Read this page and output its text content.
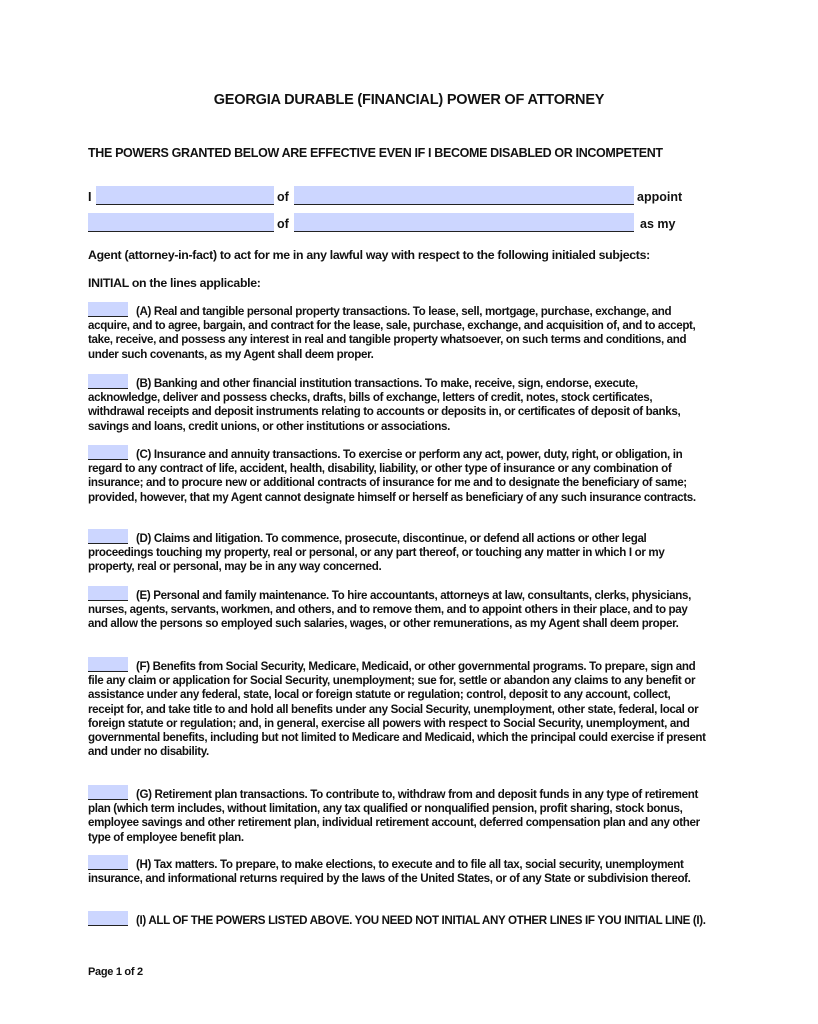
GEORGIA DURABLE (FINANCIAL) POWER OF ATTORNEY
THE POWERS GRANTED BELOW ARE EFFECTIVE EVEN IF I BECOME DISABLED OR INCOMPETENT
I	of	appoint
of	as my
Agent (attorney-in-fact) to act for me in any lawful way with respect to the following initialed subjects:
INITIAL on the lines applicable:
(A) Real and tangible personal property transactions. To lease, sell, mortgage, purchase, exchange, and acquire, and to agree, bargain, and contract for the lease, sale, purchase, exchange, and acquisition of, and to accept, take, receive, and possess any interest in real and tangible property whatsoever, on such terms and conditions, and under such covenants, as my Agent shall deem proper.
(B) Banking and other financial institution transactions. To make, receive, sign, endorse, execute, acknowledge, deliver and possess checks, drafts, bills of exchange, letters of credit, notes, stock certificates, withdrawal receipts and deposit instruments relating to accounts or deposits in, or certificates of deposit of banks, savings and loans, credit unions, or other institutions or associations.
(C) Insurance and annuity transactions. To exercise or perform any act, power, duty, right, or obligation, in regard to any contract of life, accident, health, disability, liability, or other type of insurance or any combination of insurance; and to procure new or additional contracts of insurance for me and to designate the beneficiary of same; provided, however, that my Agent cannot designate himself or herself as beneficiary of any such insurance contracts.
(D) Claims and litigation. To commence, prosecute, discontinue, or defend all actions or other legal proceedings touching my property, real or personal, or any part thereof, or touching any matter in which I or my property, real or personal, may be in any way concerned.
(E) Personal and family maintenance. To hire accountants, attorneys at law, consultants, clerks, physicians, nurses, agents, servants, workmen, and others, and to remove them, and to appoint others in their place, and to pay and allow the persons so employed such salaries, wages, or other remunerations, as my Agent shall deem proper.
(F) Benefits from Social Security, Medicare, Medicaid, or other governmental programs. To prepare, sign and file any claim or application for Social Security, unemployment; sue for, settle or abandon any claims to any benefit or assistance under any federal, state, local or foreign statute or regulation; control, deposit to any account, collect, receipt for, and take title to and hold all benefits under any Social Security, unemployment, other state, federal, local or foreign statute or regulation; and, in general, exercise all powers with respect to Social Security, unemployment, and governmental benefits, including but not limited to Medicare and Medicaid, which the principal could exercise if present and under no disability.
(G) Retirement plan transactions. To contribute to, withdraw from and deposit funds in any type of retirement plan (which term includes, without limitation, any tax qualified or nonqualified pension, profit sharing, stock bonus, employee savings and other retirement plan, individual retirement account, deferred compensation plan and any other type of employee benefit plan.
(H) Tax matters. To prepare, to make elections, to execute and to file all tax, social security, unemployment insurance, and informational returns required by the laws of the United States, or of any State or subdivision thereof.
(I) ALL OF THE POWERS LISTED ABOVE. YOU NEED NOT INITIAL ANY OTHER LINES IF YOU INITIAL LINE (I).
Page 1 of 2
